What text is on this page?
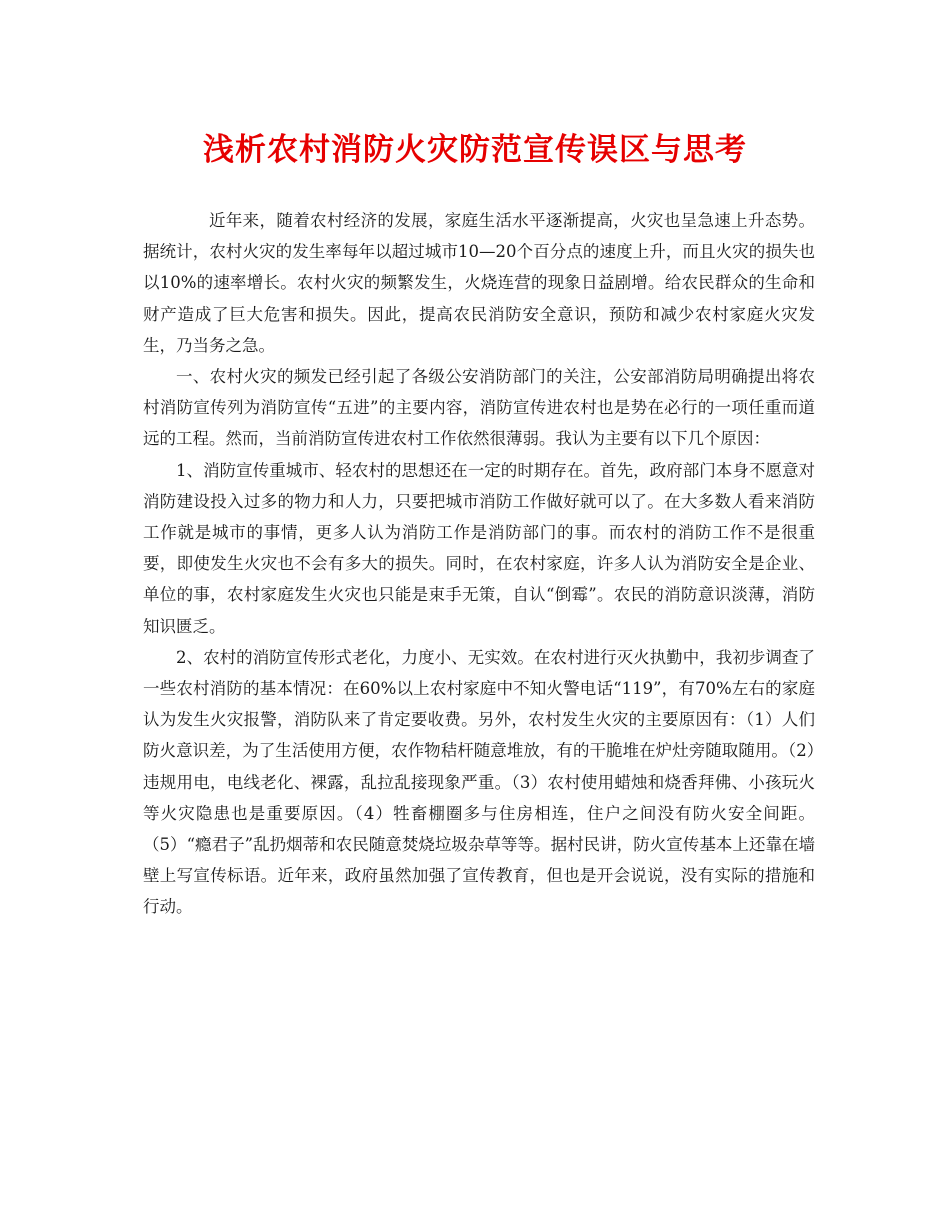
浅析农村消防火灾防范宣传误区与思考

近年来，随着农村经济的发展，家庭生活水平逐渐提高，火灾也呈急速上升态势。据统计，农村火灾的发生率每年以超过城市10—20个百分点的速度上升，而且火灾的损失也以10%的速率增长。农村火灾的频繁发生，火烧连营的现象日益剧增。给农民群众的生命和财产造成了巨大危害和损失。因此，提高农民消防安全意识，预防和减少农村家庭火灾发生，乃当务之急。

一、农村火灾的频发已经引起了各级公安消防部门的关注，公安部消防局明确提出将农村消防宣传列为消防宣传“五进”的主要内容，消防宣传进农村也是势在必行的一项任重而道远的工程。然而，当前消防宣传进农村工作依然很薄弱。我认为主要有以下几个原因：

1、消防宣传重城市、轻农村的思想还在一定的时期存在。首先，政府部门本身不愿意对消防建设投入过多的物力和人力，只要把城市消防工作做好就可以了。在大多数人看来消防工作就是城市的事情，更多人认为消防工作是消防部门的事。而农村的消防工作不是很重要，即使发生火灾也不会有多大的损失。同时，在农村家庭，许多人认为消防安全是企业、单位的事，农村家庭发生火灾也只能是束手无策，自认“倒霉”。农民的消防意识淡薄，消防知识匮乏。

2、农村的消防宣传形式老化，力度小、无实效。在农村进行灭火执勤中，我初步调查了一些农村消防的基本情况：在60%以上农村家庭中不知火警电话“119”，有70%左右的家庭认为发生火灾报警，消防队来了肯定要收费。另外，农村发生火灾的主要原因有：（1）人们防火意识差，为了生活使用方便，农作物秸杆随意堆放，有的干脆堆在炉灶旁随取随用。（2）违规用电，电线老化、裸露，乱拉乱接现象严重。（3）农村使用蜡烛和烧香拜佛、小孩玩火等火灾隐患也是重要原因。（4）牲畜棚圈多与住房相连，住户之间没有防火安全间距。（5）“瘾君子”乱扔烟蒂和农民随意焚烧垃圾杂草等等。据村民讲，防火宣传基本上还靠在墙壁上写宣传标语。近年来，政府虽然加强了宣传教育，但也是开会说说，没有实际的措施和行动。
